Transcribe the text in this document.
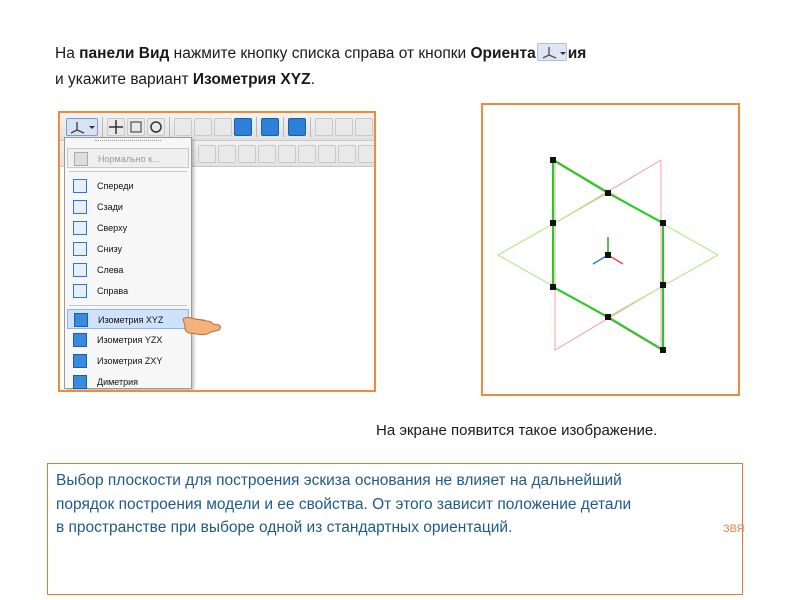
На панели Вид нажмите кнопку списка справа от кнопки Ориента ия
и укажите вариант Изометрия XYZ.
Нормально к...
Спереди
Сзади
Сверху
Снизу
Слева
Справа
Изометрия XYZ
Изометрия YZX
Изометрия ZXY
Диметрия
На экране появится такое изображение.

Выбор плоскости для построения эскиза основания не влияет на дальнейший

порядок построения модели и ее свойства. От этого зависит положение детали

в пространстве при выборе одной из стандартных ориентаций.	ЗВЯ
